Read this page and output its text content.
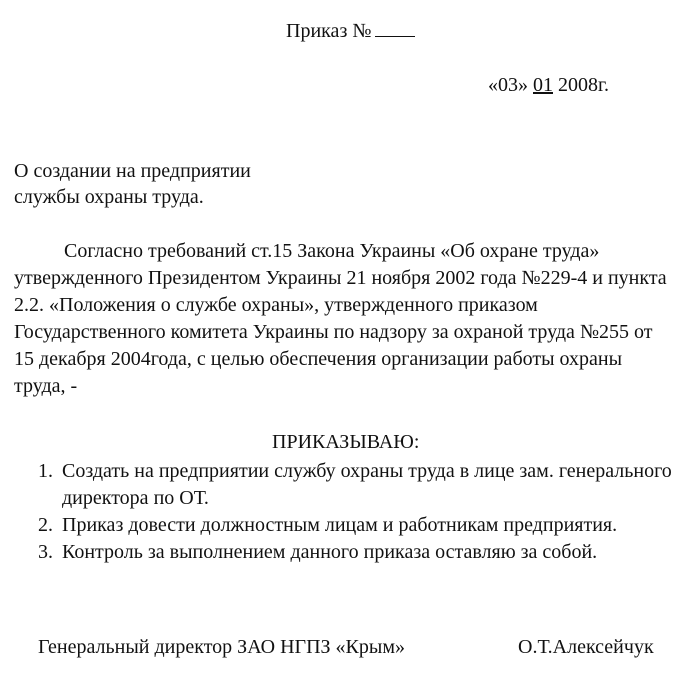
Приказ №
«03» 01 2008г.
О создании на предприятии
службы охраны труда.
Согласно требований ст.15 Закона Украины «Об охране труда»
утвержденного Президентом Украины 21 ноября 2002 года №229-4 и пункта
2.2. «Положения о службе охраны», утвержденного приказом
Государственного комитета Украины по надзору за охраной труда №255 от
15 декабря 2004года, с целью обеспечения организации работы охраны
труда, -
ПРИКАЗЫВАЮ:
1. Создать на предприятии службу охраны труда в лице зам. генерального
директора по ОТ.
2. Приказ довести должностным лицам и работникам предприятия.
3. Контроль за выполнением данного приказа оставляю за собой.
Генеральный директор ЗАО НГПЗ «Крым»	О.Т.Алексейчук
